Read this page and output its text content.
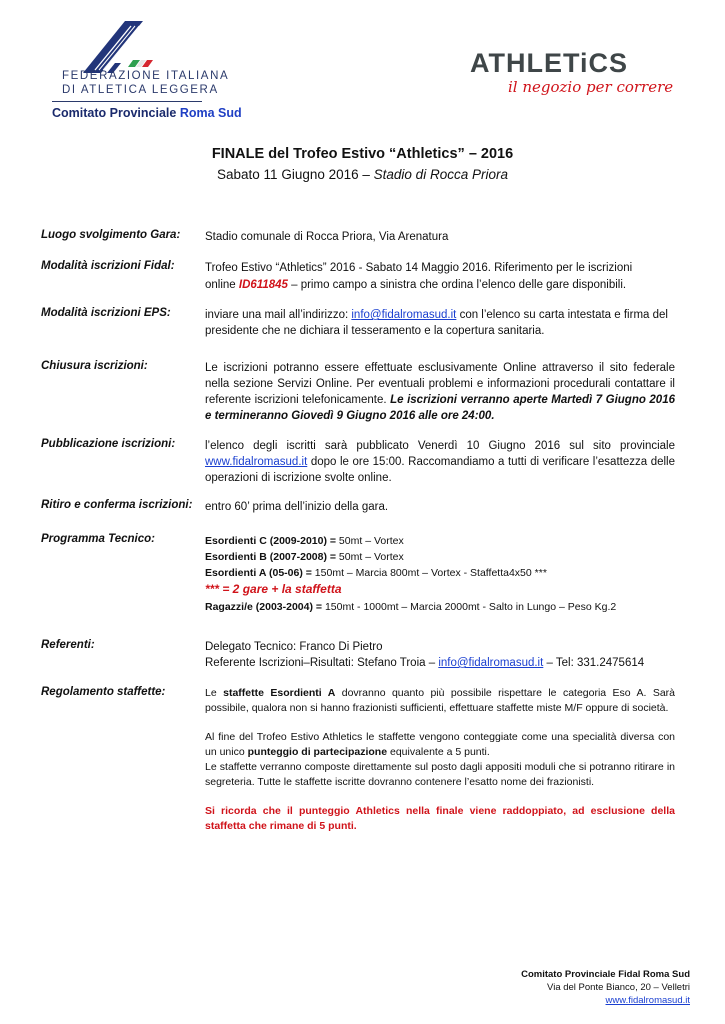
FEDERAZIONE ITALIANA
DI ATLETICA LEGGERA
Comitato Provinciale Roma Sud
ATHLETiCS
il negozio per correre
FINALE del Trofeo Estivo “Athletics” – 2016
Sabato 11 Giugno 2016 – Stadio di Rocca Priora
Luogo svolgimento Gara:	Stadio comunale di Rocca Priora, Via Arenatura
Modalità iscrizioni Fidal:	Trofeo Estivo “Athletics” 2016 - Sabato 14 Maggio 2016. Riferimento per le iscrizioni
online ID611845 – primo campo a sinistra che ordina l’elenco delle gare disponibili.
Modalità iscrizioni EPS:	inviare una mail all’indirizzo: info@fidalromasud.it con l’elenco su carta intestata e firma del presidente che ne dichiara il tesseramento e la copertura sanitaria.
Chiusura iscrizioni:	Le iscrizioni potranno essere effettuate esclusivamente Online attraverso il sito federale nella sezione Servizi Online. Per eventuali problemi e informazioni procedurali contattare il referente iscrizioni telefonicamente. Le iscrizioni verranno aperte Martedì 7 Giugno 2016 e termineranno Giovedì 9 Giugno 2016 alle ore 24:00.
Pubblicazione iscrizioni:	l’elenco degli iscritti sarà pubblicato Venerdì 10 Giugno 2016 sul sito provinciale www.fidalromasud.it dopo le ore 15:00. Raccomandiamo a tutti di verificare l’esattezza delle operazioni di iscrizione svolte online.
Ritiro e conferma iscrizioni:	entro 60’ prima dell’inizio della gara.
Programma Tecnico:	Esordienti C (2009-2010) = 50mt – Vortex
Esordienti B (2007-2008) = 50mt – Vortex
Esordienti A (05-06) = 150mt – Marcia 800mt – Vortex - Staffetta4x50 ***
*** = 2 gare + la staffetta
Ragazzi/e (2003-2004) = 150mt - 1000mt – Marcia 2000mt - Salto in Lungo – Peso Kg.2
Referenti:	Delegato Tecnico: Franco Di Pietro
Referente Iscrizioni–Risultati: Stefano Troia – info@fidalromasud.it – Tel: 331.2475614
Regolamento staffette:	Le staffette Esordienti A dovranno quanto più possibile rispettare le categoria Eso A. Sarà possibile, qualora non si hanno frazionisti sufficienti, effettuare staffette miste M/F oppure di società.
Al fine del Trofeo Estivo Athletics le staffette vengono conteggiate come una specialità diversa con un unico punteggio di partecipazione equivalente a 5 punti.
Le staffette verranno composte direttamente sul posto dagli appositi moduli che si potranno ritirare in segreteria. Tutte le staffette iscritte dovranno contenere l’esatto nome dei frazionisti.
Si ricorda che il punteggio Athletics nella finale viene raddoppiato, ad esclusione della staffetta che rimane di 5 punti.
Comitato Provinciale Fidal Roma Sud
Via del Ponte Bianco, 20 – Velletri
www.fidalromasud.it
